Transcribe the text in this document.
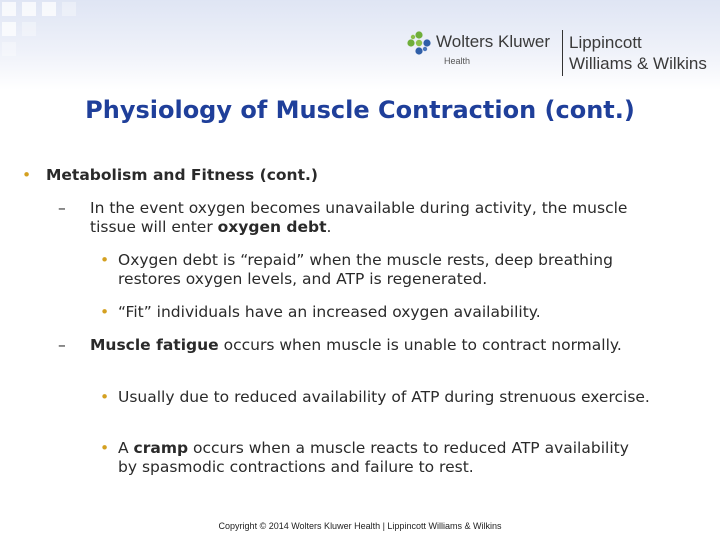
Wolters Kluwer
Health
Lippincott
Williams & Wilkins
Physiology of Muscle Contraction (cont.)
• Metabolism and Fitness (cont.)
– In the event oxygen becomes unavailable during activity, the muscle tissue will enter oxygen debt.
• Oxygen debt is “repaid” when the muscle rests, deep breathing restores oxygen levels, and ATP is regenerated.
• “Fit” individuals have an increased oxygen availability.
– Muscle fatigue occurs when muscle is unable to contract normally.
• Usually due to reduced availability of ATP during strenuous exercise.
• A cramp occurs when a muscle reacts to reduced ATP availability by spasmodic contractions and failure to rest.
Copyright © 2014 Wolters Kluwer Health | Lippincott Williams & Wilkins
